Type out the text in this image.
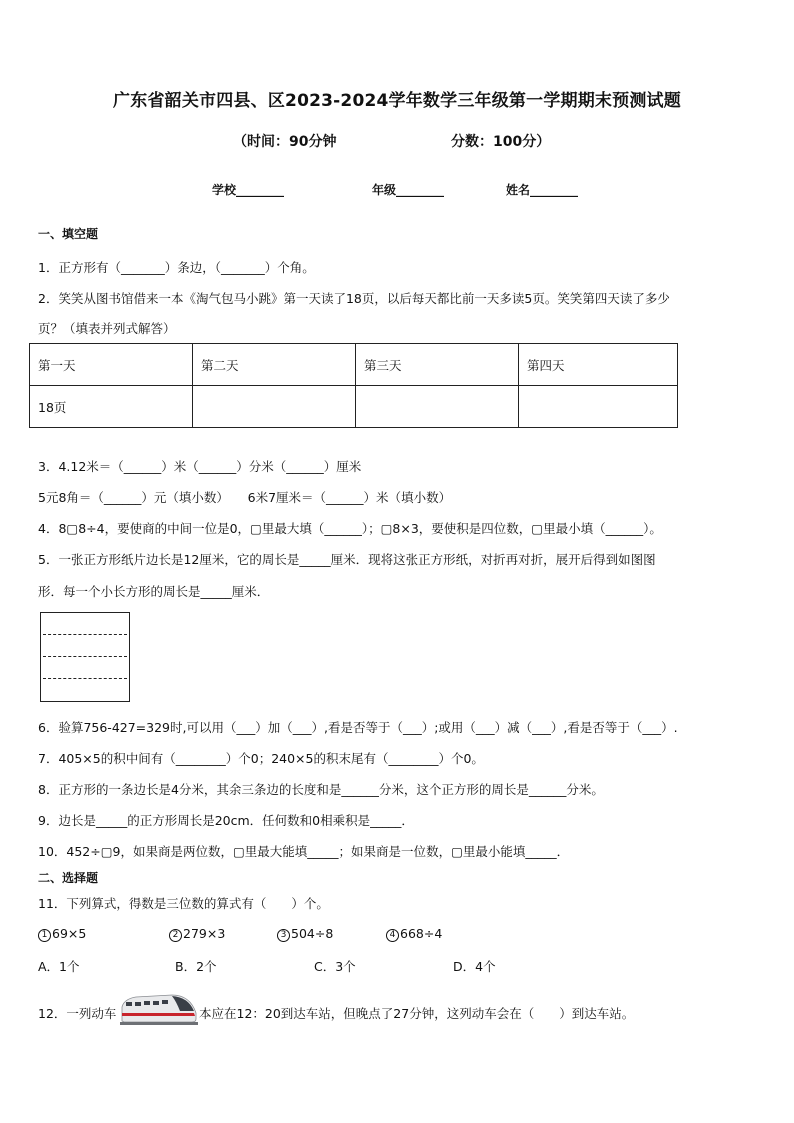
广东省韶关市四县、区2023-2024学年数学三年级第一学期期末预测试题
（时间：90分钟	分数：100分）
学校________	年级________	姓名________
一、填空题
1．正方形有（_______）条边，（_______）个角。
2．笑笑从图书馆借来一本《淘气包马小跳》第一天读了18页，以后每天都比前一天多读5页。笑笑第四天读了多少
页？（填表并列式解答）
第一天	第二天	第三天	第四天
18页			
3．4.12米＝（______）米（______）分米（______）厘米
5元8角＝（______）元（填小数）　　6米7厘米＝（______）米（填小数）
4．8▢8÷4，要使商的中间一位是0，▢里最大填（______）；▢8×3，要使积是四位数，▢里最小填（______）。
5．一张正方形纸片边长是12厘米，它的周长是_____厘米．现将这张正方形纸，对折再对折，展开后得到如图图
形．每一个小长方形的周长是_____厘米．
6．验算756-427=329时,可以用（___）加（___）,看是否等于（___）;或用（___）减（___）,看是否等于（___）.
7．405×5的积中间有（________）个0；240×5的积末尾有（________）个0。
8．正方形的一条边长是4分米，其余三条边的长度和是______分米，这个正方形的周长是______分米。
9．边长是_____的正方形周长是20cm．任何数和0相乘积是_____．
10．452÷▢9，如果商是两位数，▢里最大能填_____；如果商是一位数，▢里最小能填_____．
二、选择题
11．下列算式，得数是三位数的算式有（　　）个。
1 69×5	2 279×3	3 504÷8	4 668÷4
A．1个	B．2个	C．3个	D．4个
12．一列动车	本应在12：20到达车站，但晚点了27分钟，这列动车会在（　　）到达车站。
